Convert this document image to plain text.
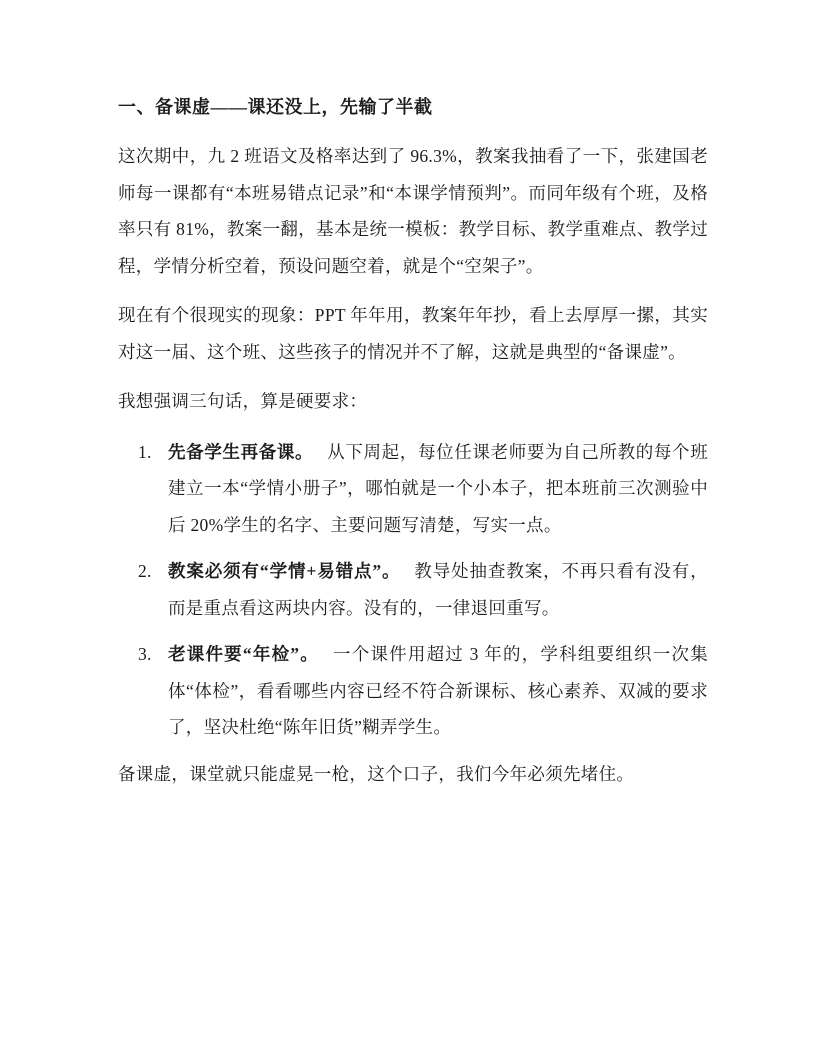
一、备课虚——课还没上，先输了半截

这次期中，九 2 班语文及格率达到了 96.3%，教案我抽看了一下，张建国老师每一课都有“本班易错点记录”和“本课学情预判”。而同年级有个班，及格率只有 81%，教案一翻，基本是统一模板：教学目标、教学重难点、教学过程，学情分析空着，预设问题空着，就是个“空架子”。

现在有个很现实的现象：PPT 年年用，教案年年抄，看上去厚厚一摞，其实对这一届、这个班、这些孩子的情况并不了解，这就是典型的“备课虚”。

我想强调三句话，算是硬要求：

1. 先备学生再备课。 从下周起，每位任课老师要为自己所教的每个班建立一本“学情小册子”，哪怕就是一个小本子，把本班前三次测验中后 20%学生的名字、主要问题写清楚，写实一点。
2. 教案必须有“学情+易错点”。 教导处抽查教案，不再只看有没有，而是重点看这两块内容。没有的，一律退回重写。
3. 老课件要“年检”。 一个课件用超过 3 年的，学科组要组织一次集体“体检”，看看哪些内容已经不符合新课标、核心素养、双减的要求了，坚决杜绝“陈年旧货”糊弄学生。

备课虚，课堂就只能虚晃一枪，这个口子，我们今年必须先堵住。
